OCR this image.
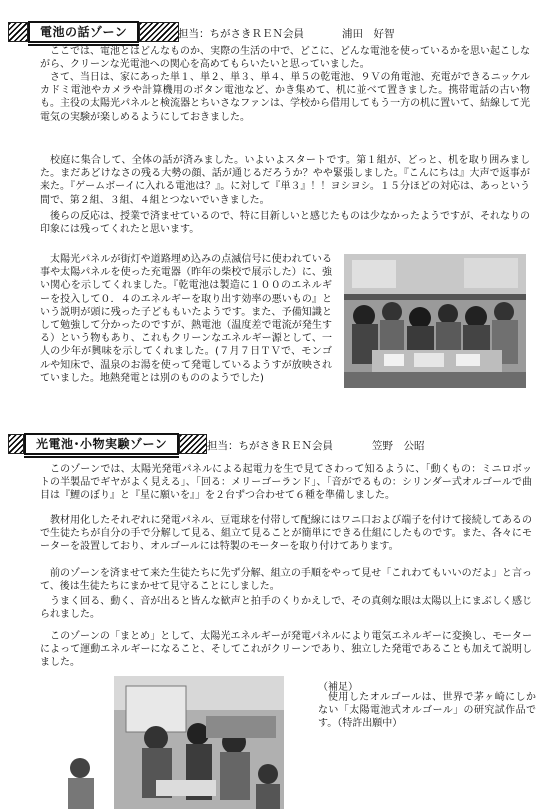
電池の話ゾーン	担当：ちがさきＲＥＮ会員	浦田　好智

ここでは、電池とはどんなものか、実際の生活の中で、どこに、どんな電池を使っているかを思い起こしながら、クリーンな光電池への関心を高めてもらいたいと思っていました。

さて、当日は、家にあった単１、単２、単３、単４、単５の乾電池、９Ｖの角電池、充電ができるニッケルカドミ電池やカメラや計算機用のボタン電池など、かき集めて、机に並べて置きました。携帯電話の古い物も。主役の太陽光パネルと検流器とちいさなファンは、学校から借用してもう一方の机に置いて、結線して光電気の実験が楽しめるようにしておきました。

校庭に集合して、全体の話が済みました。いよいよスタートです。第１組が、どっと、机を取り囲みました。まだあどけなさの残る大勢の顔、話が通じるだろうか？やや緊張しました。『こんにちは』大声で返事が来た。『ゲームボーイに入れる電池は？』。に対して『単３』！！ヨシヨシ。１５分ほどの対応は、あっという間で、第２組、３組、４組とつないでいきました。

後らの反応は、授業で済ませているので、特に目新しいと感じたものは少なかったようですが、それなりの印象には残ってくれたと思います。

太陽光パネルが街灯や道路埋め込みの点滅信号に使われている事や太陽パネルを使った充電器（昨年の柴校で展示した）に、強い関心を示してくれました。『乾電池は製造に１００のエネルギーを投入して０．４のエネルギーを取り出す効率の悪いもの』という説明が頭に残った子どももいたようです。また、予備知識として勉強して分かったのですが、熱電池（温度差で電流が発生する）という物もあり、これもクリーンなエネルギー源として、一人の少年が興味を示してくれました。(７月７日ＴＶで、モンゴルや知床で、温泉のお湯を使って発電しているようすが放映されていました。地熱発電とは別のもののようでした)

光電池･小物実験ゾーン	担当：ちがさきＲＥＮ会員	笠野　公昭

このゾーンでは、太陽光発電パネルによる起電力を生で見てさわって知るように、「動くもの：ミニロボットの半製品でギヤがよく見える」、「回る：メリーゴーランド」、「音がでるもの：シリンダー式オルゴールで曲目は『鯉のぼり』と『星に願いを』」を２台ずつ合わせて６種を準備しました。

教材用化したそれぞれに発電パネル、豆電球を付帯して配線にはワニ口および端子を付けて接続してあるので生徒たちが自分の手で分解して見る、組立て見ることが簡単にできる仕組にしたものです。また、各々にモーターを設置しており、オルゴールには特製のモーターを取り付けてあります。

前のゾーンを済ませて来た生徒たちに先ず分解、組立の手順をやって見せ「これわてもいいのだよ」と言って、後は生徒たちにまかせて見守ることにしました。

うまく回る、動く、音が出ると皆んな歓声と拍手のくりかえしで、その真剣な眼は太陽以上にまぶしく感じられました。

このゾーンの「まとめ」として、太陽光エネルギーが発電パネルにより電気エネルギーに変換し、モーターによって運動エネルギーになること、そしてこれがクリーンであり、独立した発電であることも加えて説明しました。

（補足）

使用したオルゴールは、世界で茅ヶ崎にしかない「太陽電池式オルゴール」の研究試作品です。（特許出願中）
